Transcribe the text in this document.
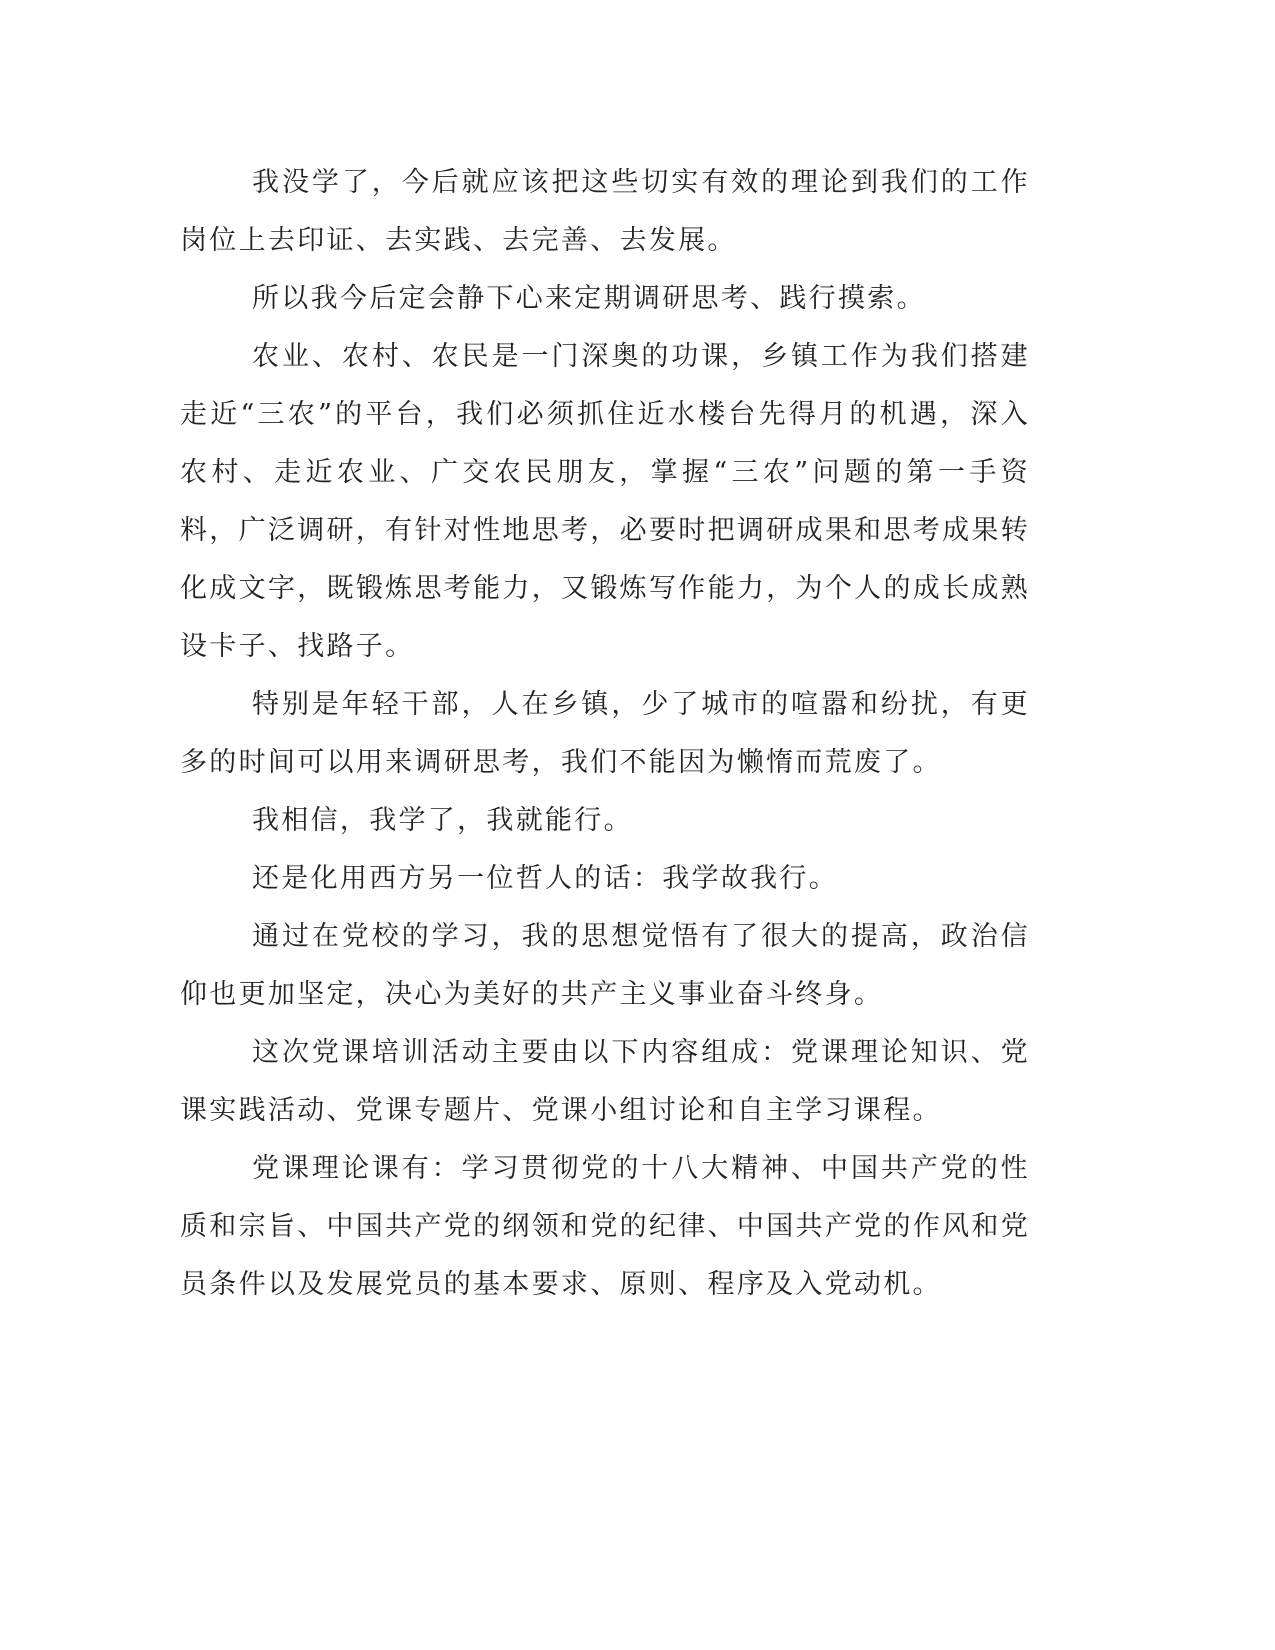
我没学了，今后就应该把这些切实有效的理论到我们的工作岗位上去印证、去实践、去完善、去发展。

所以我今后定会静下心来定期调研思考、践行摸索。

农业、农村、农民是一门深奥的功课，乡镇工作为我们搭建走近“三农”的平台，我们必须抓住近水楼台先得月的机遇，深入农村、走近农业、广交农民朋友，掌握“三农”问题的第一手资料，广泛调研，有针对性地思考，必要时把调研成果和思考成果转化成文字，既锻炼思考能力，又锻炼写作能力，为个人的成长成熟设卡子、找路子。

特别是年轻干部，人在乡镇，少了城市的喧嚣和纷扰，有更多的时间可以用来调研思考，我们不能因为懒惰而荒废了。

我相信，我学了，我就能行。

还是化用西方另一位哲人的话：我学故我行。

通过在党校的学习，我的思想觉悟有了很大的提高，政治信仰也更加坚定，决心为美好的共产主义事业奋斗终身。

这次党课培训活动主要由以下内容组成：党课理论知识、党课实践活动、党课专题片、党课小组讨论和自主学习课程。

党课理论课有：学习贯彻党的十八大精神、中国共产党的性质和宗旨、中国共产党的纲领和党的纪律、中国共产党的作风和党员条件以及发展党员的基本要求、原则、程序及入党动机。
